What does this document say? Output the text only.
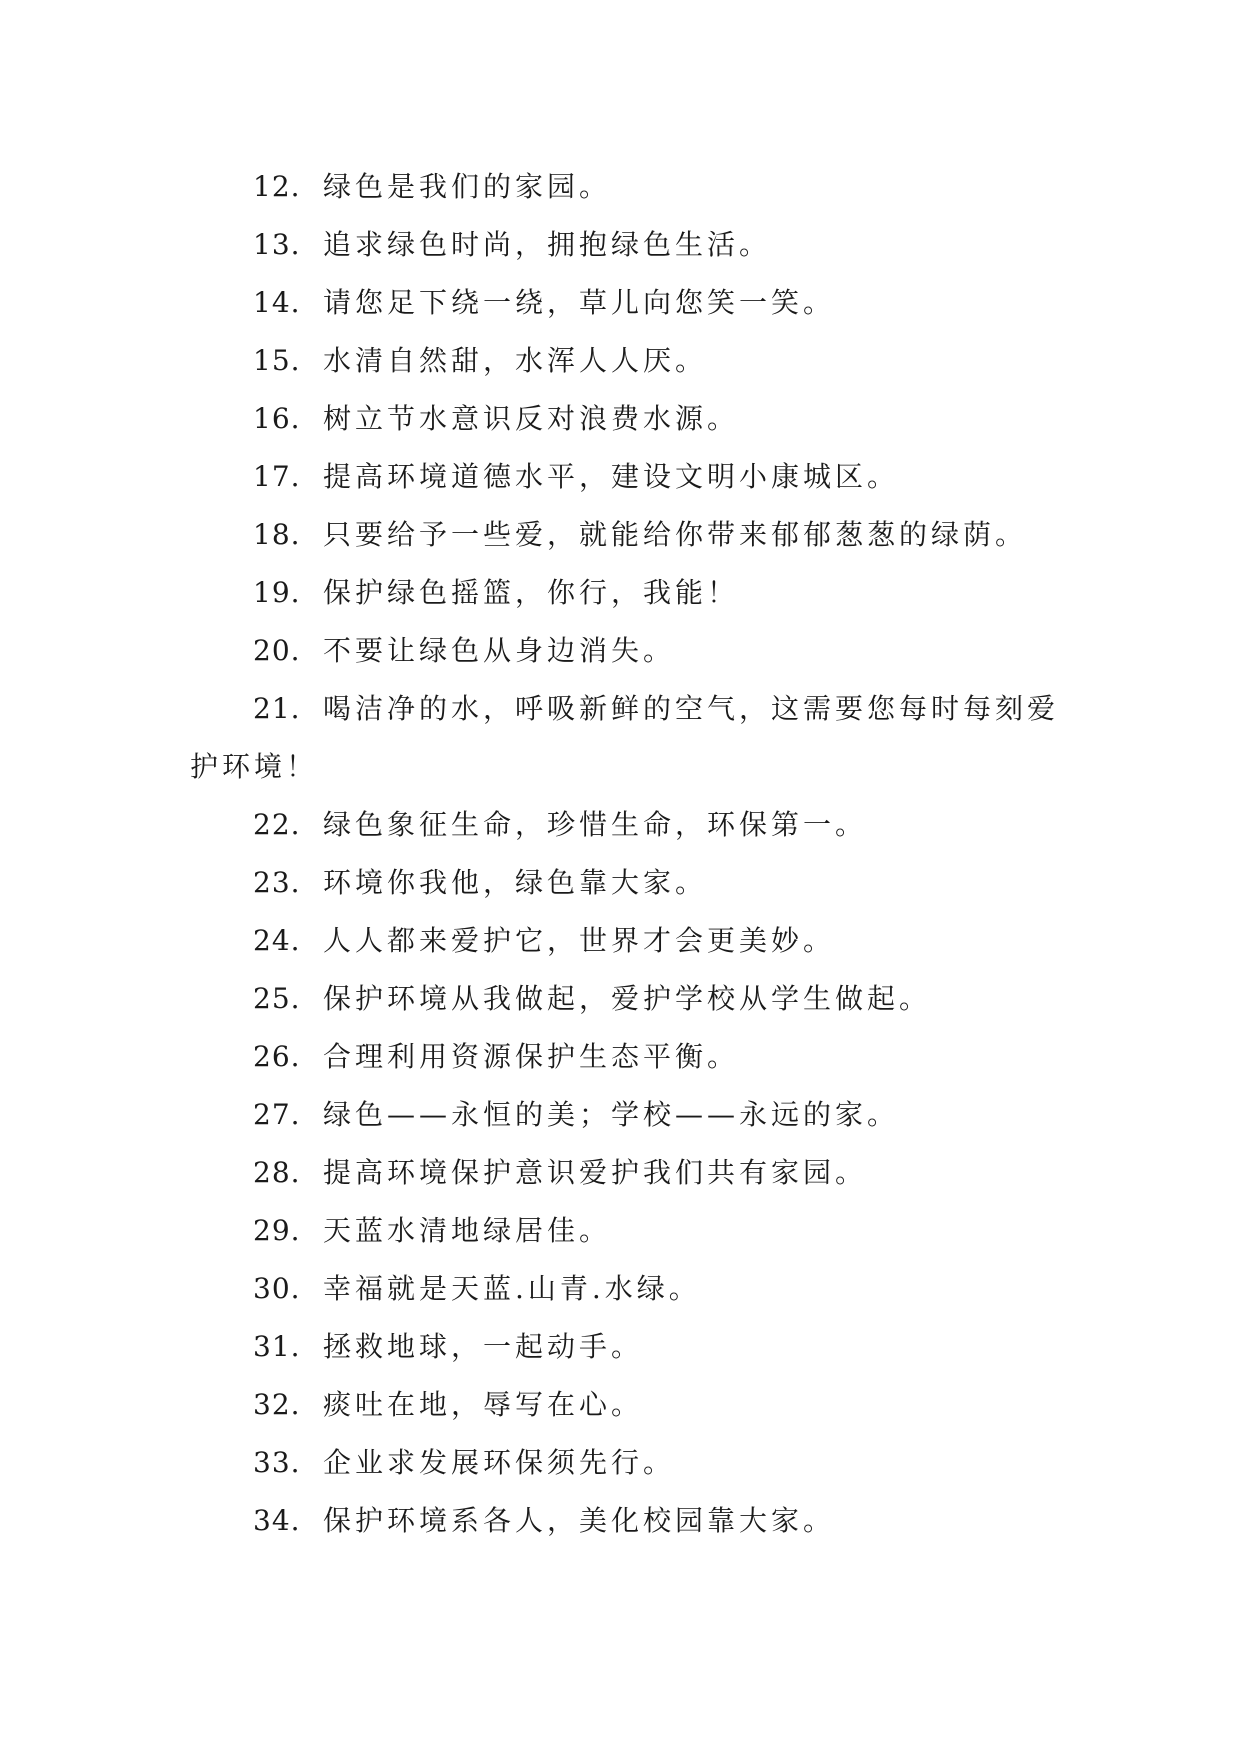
12. 绿色是我们的家园。
13. 追求绿色时尚，拥抱绿色生活。
14. 请您足下绕一绕，草儿向您笑一笑。
15. 水清自然甜，水浑人人厌。
16. 树立节水意识反对浪费水源。
17. 提高环境道德水平，建设文明小康城区。
18. 只要给予一些爱，就能给你带来郁郁葱葱的绿荫。
19. 保护绿色摇篮，你行，我能！
20. 不要让绿色从身边消失。
21. 喝洁净的水，呼吸新鲜的空气，这需要您每时每刻爱护环境！
22. 绿色象征生命，珍惜生命，环保第一。
23. 环境你我他，绿色靠大家。
24. 人人都来爱护它，世界才会更美妙。
25. 保护环境从我做起，爱护学校从学生做起。
26. 合理利用资源保护生态平衡。
27. 绿色——永恒的美；学校——永远的家。
28. 提高环境保护意识爱护我们共有家园。
29. 天蓝水清地绿居佳。
30. 幸福就是天蓝.山青.水绿。
31. 拯救地球，一起动手。
32. 痰吐在地，辱写在心。
33. 企业求发展环保须先行。
34. 保护环境系各人，美化校园靠大家。
